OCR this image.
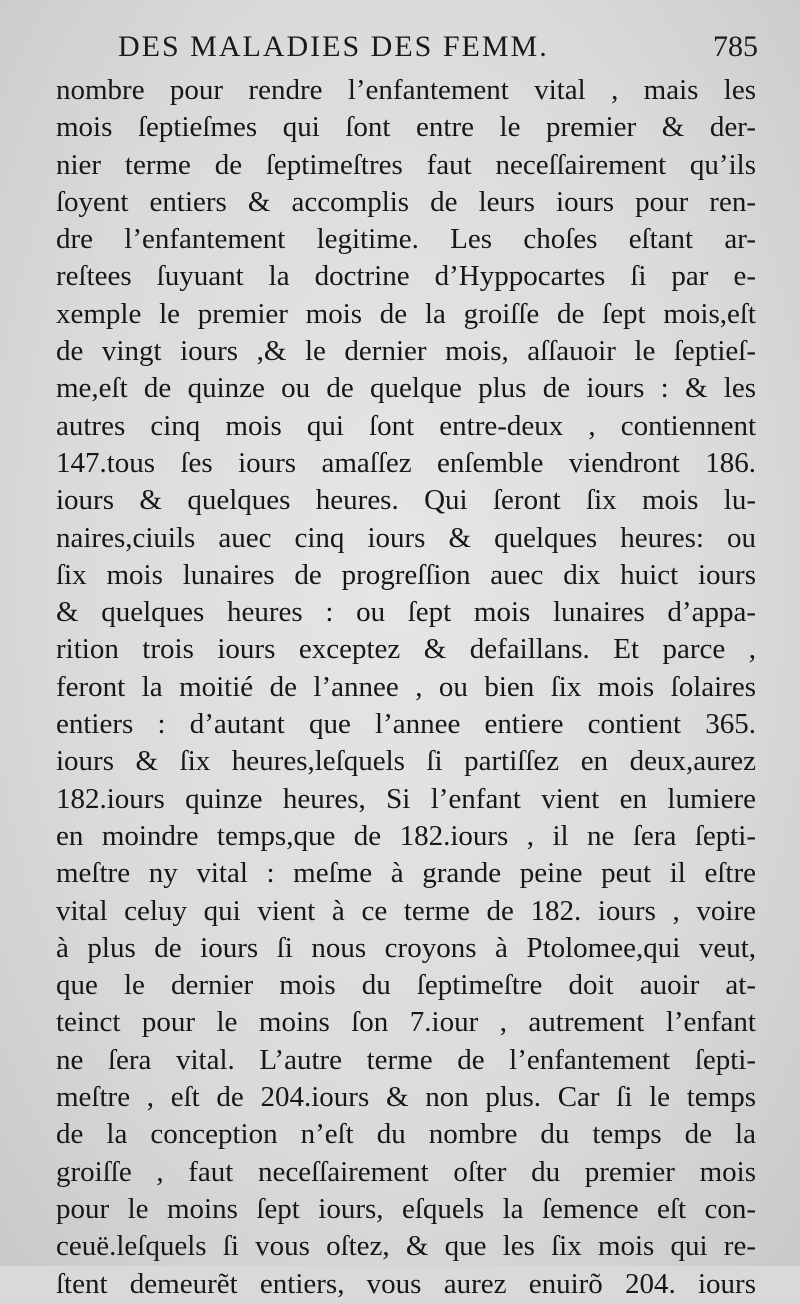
DES MALADIES DES FEMM.	785
nombre pour rendre l’enfantement vital , mais les
mois ſeptieſmes qui ſont entre le premier & der-
nier terme de ſeptimeſtres faut neceſſairement qu’ils
ſoyent entiers & accomplis de leurs iours pour ren-
dre l’enfantement legitime. Les choſes eſtant ar-
reſtees ſuyuant la doctrine d’Hyppocartes ſi par e-
xemple le premier mois de la groiſſe de ſept mois,eſt
de vingt iours ,& le dernier mois, aſſauoir le ſeptieſ-
me,eſt de quinze ou de quelque plus de iours : & les
autres cinq mois qui ſont entre-deux , contiennent
147.tous ſes iours amaſſez enſemble viendront 186.
iours & quelques heures. Qui ſeront ſix mois lu-
naires,ciuils auec cinq iours & quelques heures: ou
ſix mois lunaires de progreſſion auec dix huict iours
& quelques heures : ou ſept mois lunaires d’appa-
rition trois iours exceptez & defaillans. Et parce ,
feront la moitié de l’annee , ou bien ſix mois ſolaires
entiers : d’autant que l’annee entiere contient 365.
iours & ſix heures,leſquels ſi partiſſez en deux,aurez
182.iours quinze heures, Si l’enfant vient en lumiere
en moindre temps,que de 182.iours , il ne ſera ſepti-
meſtre ny vital : meſme à grande peine peut il eſtre
vital celuy qui vient à ce terme de 182. iours , voire
à plus de iours ſi nous croyons à Ptolomee,qui veut,
que le dernier mois du ſeptimeſtre doit auoir at-
teinct pour le moins ſon 7.iour , autrement l’enfant
ne ſera vital. L’autre terme de l’enfantement ſepti-
meſtre , eſt de 204.iours & non plus. Car ſi le temps
de la conception n’eſt du nombre du temps de la
groiſſe , faut neceſſairement oſter du premier mois
pour le moins ſept iours, eſquels la ſemence eſt con-
ceuë.leſquels ſi vous oſtez, & que les ſix mois qui re-
ſtent demeurẽt entiers, vous aurez enuirõ 204. iours
